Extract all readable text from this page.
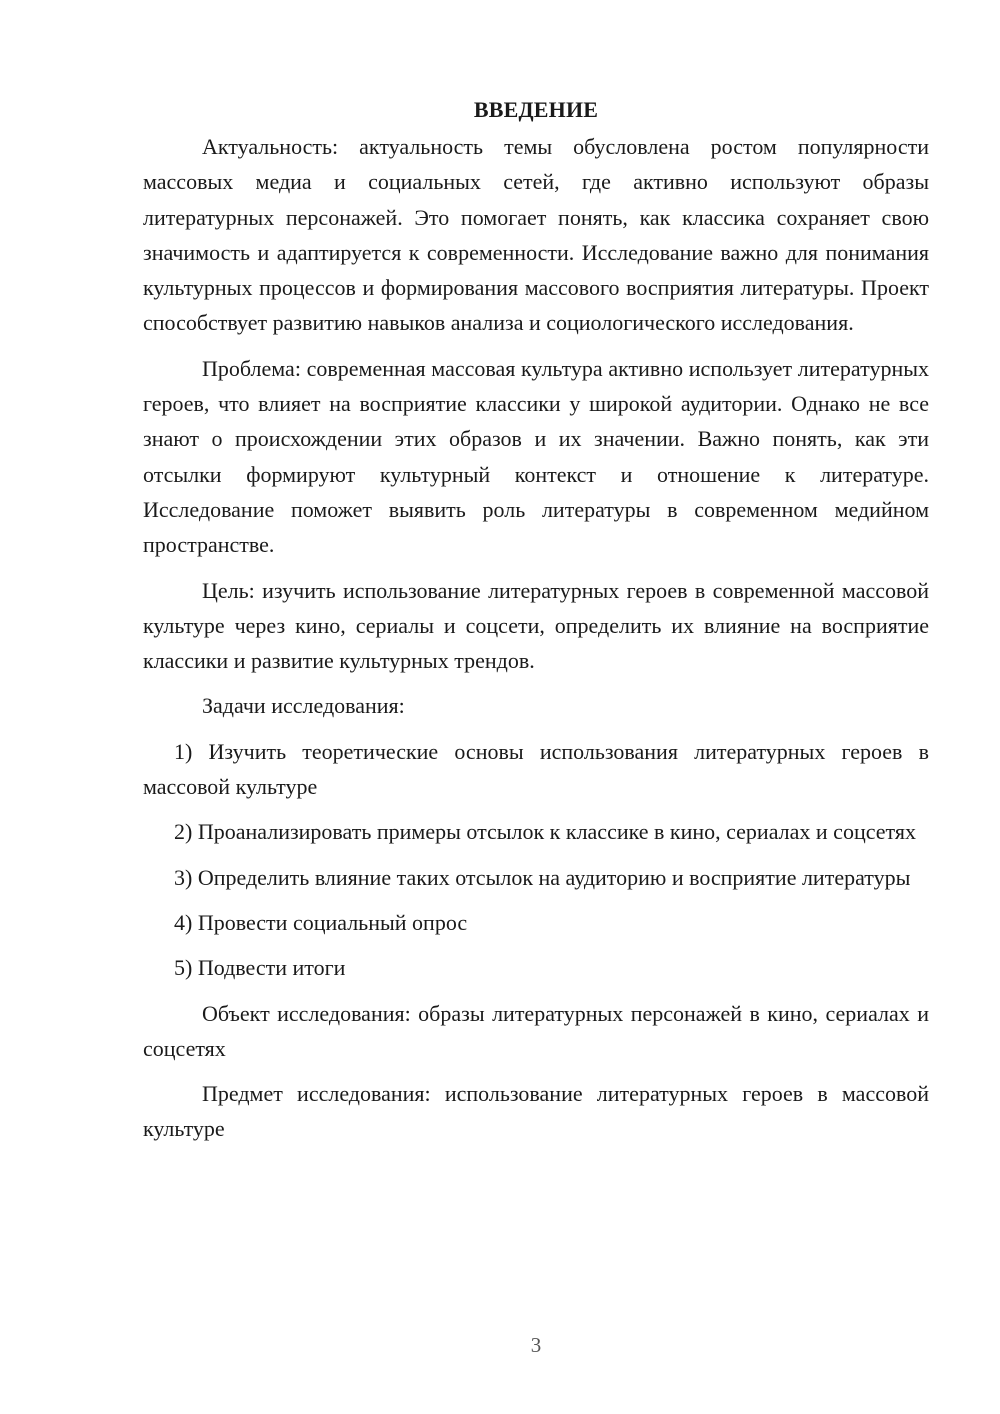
ВВЕДЕНИЕ

Актуальность: актуальность темы обусловлена ростом популярности массовых медиа и социальных сетей, где активно используют образы литературных персонажей. Это помогает понять, как классика сохраняет свою значимость и адаптируется к современности. Исследование важно для понимания культурных процессов и формирования массового восприятия литературы. Проект способствует развитию навыков анализа и социологического исследования.

Проблема: современная массовая культура активно использует литературных героев, что влияет на восприятие классики у широкой аудитории. Однако не все знают о происхождении этих образов и их значении. Важно понять, как эти отсылки формируют культурный контекст и отношение к литературе. Исследование поможет выявить роль литературы в современном медийном пространстве.

Цель: изучить использование литературных героев в современной массовой культуре через кино, сериалы и соцсети, определить их влияние на восприятие классики и развитие культурных трендов.

Задачи исследования:

1) Изучить теоретические основы использования литературных героев в массовой культуре

2) Проанализировать примеры отсылок к классике в кино, сериалах и соцсетях

3) Определить влияние таких отсылок на аудиторию и восприятие литературы

4) Провести социальный опрос

5) Подвести итоги

Объект исследования: образы литературных персонажей в кино, сериалах и соцсетях

Предмет исследования: использование литературных героев в массовой культуре

3
